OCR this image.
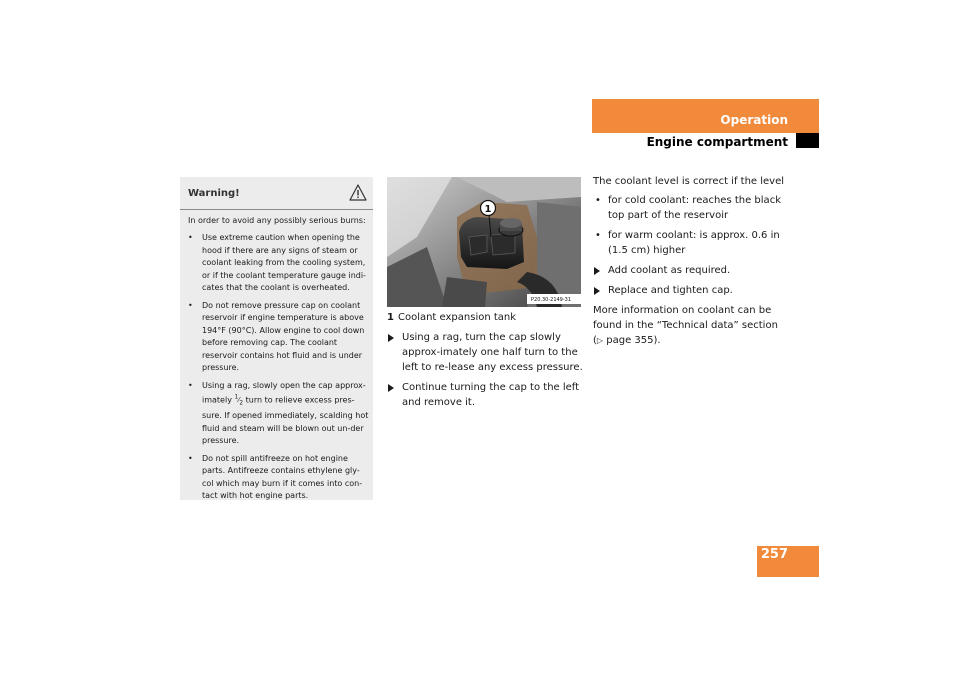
Operation
Engine compartment
Warning!
In order to avoid any possibly serious burns:
• Use extreme caution when opening the hood if there are any signs of steam or coolant leaking from the cooling system, or if the coolant temperature gauge indi-cates that the coolant is overheated.
• Do not remove pressure cap on coolant reservoir if engine temperature is above 194°F (90°C). Allow engine to cool down before removing cap. The coolant reservoir contains hot fluid and is under pressure.
• Using a rag, slowly open the cap approx-imately $^1⁄_2$ turn to relieve excess pres-sure. If opened immediately, scalding hot fluid and steam will be blown out un-der pressure.
• Do not spill antifreeze on hot engine parts. Antifreeze contains ethylene gly-col which may burn if it comes into con-tact with hot engine parts.
1
P20.30-2149-31

1 Coolant expansion tank

Using a rag, turn the cap slowly approx-imately one half turn to the left to re-lease any excess pressure.

Continue turning the cap to the left and remove it.

The coolant level is correct if the level

• for cold coolant: reaches the black top part of the reservoir

• for warm coolant: is approx. 0.6 in (1.5 cm) higher

Add coolant as required.

Replace and tighten cap.

More information on coolant can be found in the “Technical data” section
(▷ page 355).

257
